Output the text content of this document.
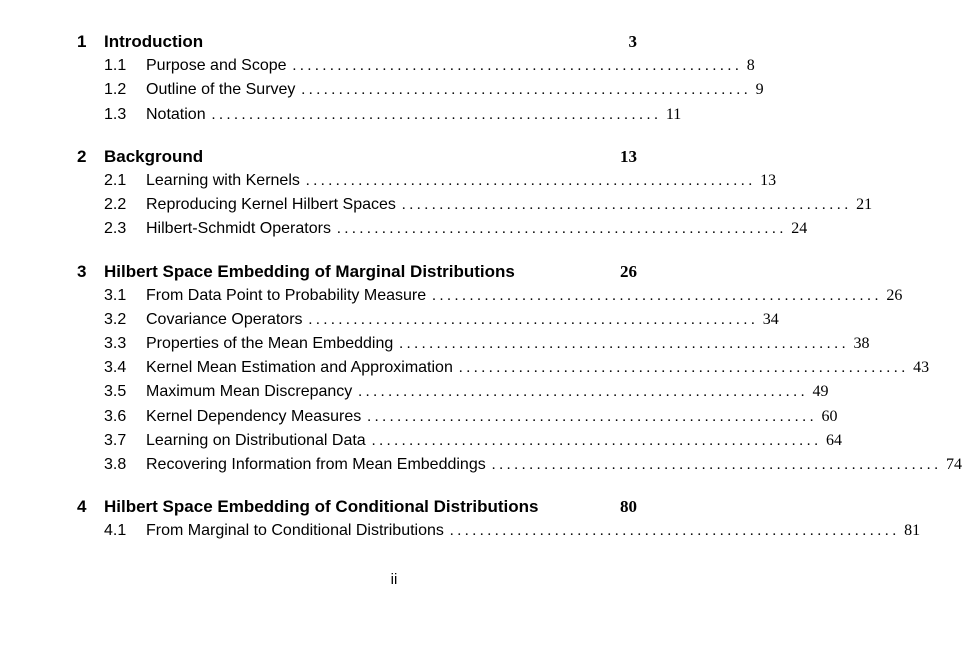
1	Introduction	3
1.1	Purpose and Scope . . . . . . . . . . . . . . . . . . . . . . . . . . . . . . . . . . . . . . . . . . . . . . . . . . . . . . . . . . . . 8
1.2	Outline of the Survey . . . . . . . . . . . . . . . . . . . . . . . . . . . . . . . . . . . . . . . . . . . . . . . . . . . . . . . . . . . . 9
1.3	Notation . . . . . . . . . . . . . . . . . . . . . . . . . . . . . . . . . . . . . . . . . . . . . . . . . . . . . . . . . . . . 11
2	Background	13
2.1	Learning with Kernels . . . . . . . . . . . . . . . . . . . . . . . . . . . . . . . . . . . . . . . . . . . . . . . . . . . . . . . . . . . . 13
2.2	Reproducing Kernel Hilbert Spaces . . . . . . . . . . . . . . . . . . . . . . . . . . . . . . . . . . . . . . . . . . . . . . . . . . . . . . . . . . . . 21
2.3	Hilbert-Schmidt Operators . . . . . . . . . . . . . . . . . . . . . . . . . . . . . . . . . . . . . . . . . . . . . . . . . . . . . . . . . . . . 24
3	Hilbert Space Embedding of Marginal Distributions	26
3.1	From Data Point to Probability Measure . . . . . . . . . . . . . . . . . . . . . . . . . . . . . . . . . . . . . . . . . . . . . . . . . . . . . . . . . . . . 26
3.2	Covariance Operators . . . . . . . . . . . . . . . . . . . . . . . . . . . . . . . . . . . . . . . . . . . . . . . . . . . . . . . . . . . . 34
3.3	Properties of the Mean Embedding . . . . . . . . . . . . . . . . . . . . . . . . . . . . . . . . . . . . . . . . . . . . . . . . . . . . . . . . . . . . 38
3.4	Kernel Mean Estimation and Approximation . . . . . . . . . . . . . . . . . . . . . . . . . . . . . . . . . . . . . . . . . . . . . . . . . . . . . . . . . . . . 43
3.5	Maximum Mean Discrepancy . . . . . . . . . . . . . . . . . . . . . . . . . . . . . . . . . . . . . . . . . . . . . . . . . . . . . . . . . . . . 49
3.6	Kernel Dependency Measures . . . . . . . . . . . . . . . . . . . . . . . . . . . . . . . . . . . . . . . . . . . . . . . . . . . . . . . . . . . . 60
3.7	Learning on Distributional Data . . . . . . . . . . . . . . . . . . . . . . . . . . . . . . . . . . . . . . . . . . . . . . . . . . . . . . . . . . . . 64
3.8	Recovering Information from Mean Embeddings . . . . . . . . . . . . . . . . . . . . . . . . . . . . . . . . . . . . . . . . . . . . . . . . . . . . . . . . . . . . 74
4	Hilbert Space Embedding of Conditional Distributions	80
4.1	From Marginal to Conditional Distributions . . . . . . . . . . . . . . . . . . . . . . . . . . . . . . . . . . . . . . . . . . . . . . . . . . . . . . . . . . . . 81
ii
